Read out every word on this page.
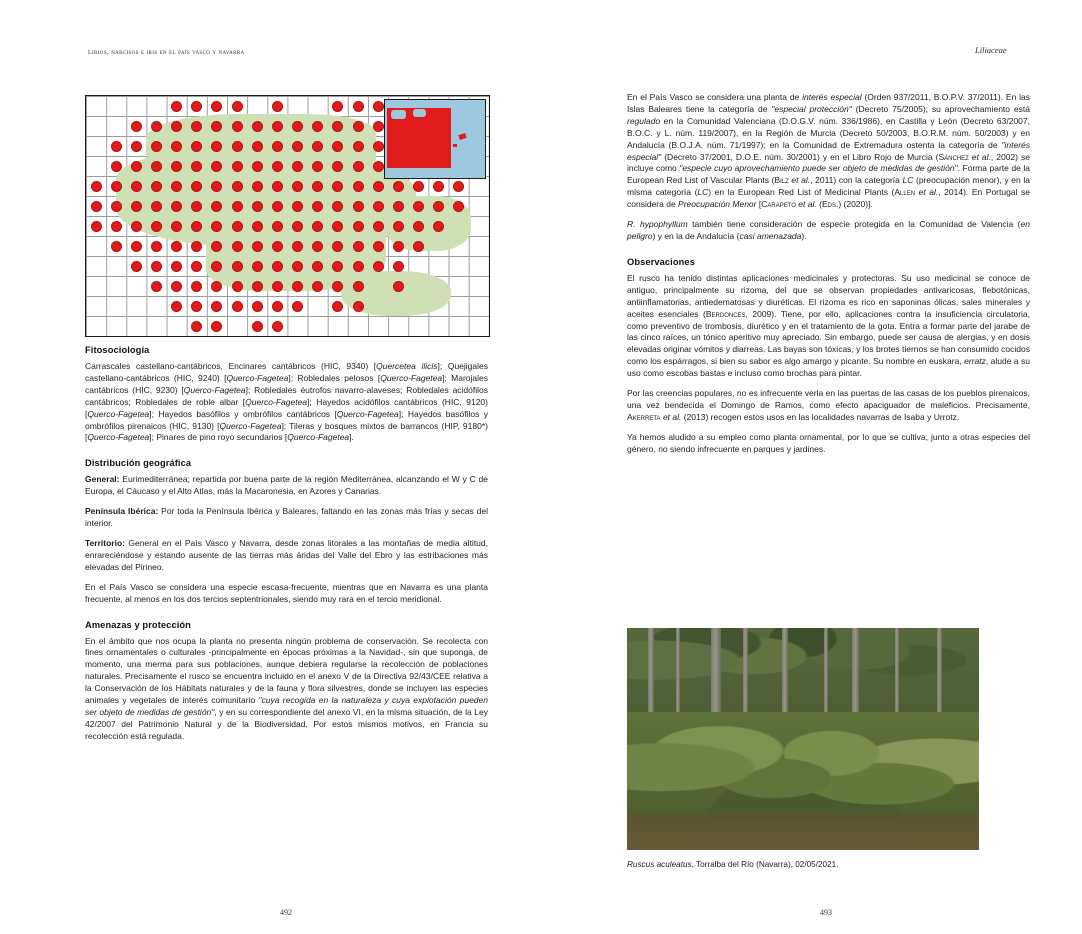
lirios, narcisos e iris en el país vasco y navarra	Liliaceae
Fitosociología

Carrascales castellano-cantábricos, Encinares cantábricos (HIC, 9340) [Quercetea ilicis]; Quejigales castellano-cantábricos (HIC, 9240) [Querco-Fagetea]; Robledales pelosos [Querco-Fagetea]; Marojales cantábricos (HIC, 9230) [Querco-Fagetea]; Robledales éutrofos navarro-alaveses; Robledales acidófilos cantábricos; Robledales de roble albar [Querco-Fagetea]; Hayedos acidófilos cantábricos (HIC, 9120) [Querco-Fagetea]; Hayedos basófilos y ombrófilos cantábricos [Querco-Fagetea]; Hayedos basófilos y ombrófilos pirenaicos (HIC, 9130) [Querco-Fagetea]; Tileras y bosques mixtos de barrancos (HIP, 9180*) [Querco-Fagetea]; Pinares de pino royo secundarios [Querco-Fagetea].

Distribución geográfica

General: Eurimediterránea; repartida por buena parte de la región Mediterránea, alcanzando el W y C de Europa, el Cáucaso y el Alto Atlas, más la Macaronesia, en Azores y Canarias.

Península Ibérica: Por toda la Península Ibérica y Baleares, faltando en las zonas más frías y secas del interior.

Territorio: General en el País Vasco y Navarra, desde zonas litorales a las montañas de media altitud, enrareciéndose y estando ausente de las tierras más áridas del Valle del Ebro y las estribaciones más elevadas del Pirineo.

En el País Vasco se considera una especie escasa-frecuente, mientras que en Navarra es una planta frecuente, al menos en los dos tercios septentrionales, siendo muy rara en el tercio meridional.

Amenazas y protección

En el ámbito que nos ocupa la planta no presenta ningún problema de conservación. Se recolecta con fines ornamentales o culturales -principalmente en épocas próximas a la Navidad-, sin que suponga, de momento, una merma para sus poblaciones, aunque debiera regularse la recolección de poblaciones naturales. Precisamente el rusco se encuentra incluido en el anexo V de la Directiva 92/43/CEE relativa a la Conservación de los Hábitats naturales y de la fauna y flora silvestres, donde se incluyen las especies animales y vegetales de interés comunitario "cuya recogida en la naturaleza y cuya explotación pueden ser objeto de medidas de gestión", y en su correspondiente del anexo VI, en la misma situación, de la Ley 42/2007 del Patrimonio Natural y de la Biodiversidad. Por estos mismos motivos, en Francia su recolección está regulada.

En el País Vasco se considera una planta de interés especial (Orden 937/2011, B.O.P.V. 37/2011). En las Islas Baleares tiene la categoría de "especial protección" (Decreto 75/2005); su aprovechamiento está regulado en la Comunidad Valenciana (D.O.G.V. núm. 336/1986), en Castilla y León (Decreto 63/2007, B.O.C. y L. núm. 119/2007), en la Región de Murcia (Decreto 50/2003, B.O.R.M. núm. 50/2003) y en Andalucía (B.O.J.A. núm. 71/1997); en la Comunidad de Extremadura ostenta la categoría de "interés especial" (Decreto 37/2001, D.O.E. núm. 30/2001) y en el Libro Rojo de Murcia (Sánchez et al., 2002) se incluye como "especie cuyo aprovechamiento puede ser objeto de medidas de gestión". Forma parte de la European Red List of Vascular Plants (Bilz et al., 2011) con la categoría LC (preocupación menor), y en la misma categoría (LC) en la European Red List of Medicinal Plants (Allen et al., 2014). En Portugal se considera de Preocupación Menor [Carapeto et al. (Eds.) (2020)].

R. hypophyllum también tiene consideración de especie protegida en la Comunidad de Valencia (en peligro) y en la de Andalucía (casi amenazada).

Observaciones

El rusco ha tenido distintas aplicaciones medicinales y protectoras. Su uso medicinal se conoce de antiguo, principalmente su rizoma, del que se observan propiedades antivaricosas, flebotónicas, antiinflamatorias, antiedematosas y diuréticas. El rizoma es rico en saponinas ólicas, sales minerales y aceites esenciales (Berdonces, 2009). Tiene, por ello, aplicaciones contra la insuficiencia circulatoria, como preventivo de trombosis, diurético y en el tratamiento de la gota. Entra a formar parte del jarabe de las cinco raíces, un tónico aperitivo muy apreciado. Sin embargo, puede ser causa de alergias, y en dosis elevadas originar vómitos y diarreas. Las bayas son tóxicas, y los brotes tiernos se han consumido cocidos como los espárragos, si bien su sabor es algo amargo y picante. Su nombre en euskara, erratz, alude a su uso como escobas bastas e incluso como brochas para pintar.

Por las creencias populares, no es infrecuente verla en las puertas de las casas de los pueblos pirenaicos, una vez bendecida el Domingo de Ramos, como efecto apaciguador de maleficios. Precisamente, Akerreta et al. (2013) recogen estos usos en las localidades navarras de Isaba y Urrotz.

Ya hemos aludido a su empleo como planta ornamental, por lo que se cultiva, junto a otras especies del género, no siendo infrecuente en parques y jardines.

Ruscus aculeatus, Torralba del Río (Navarra), 02/05/2021.
492	493
